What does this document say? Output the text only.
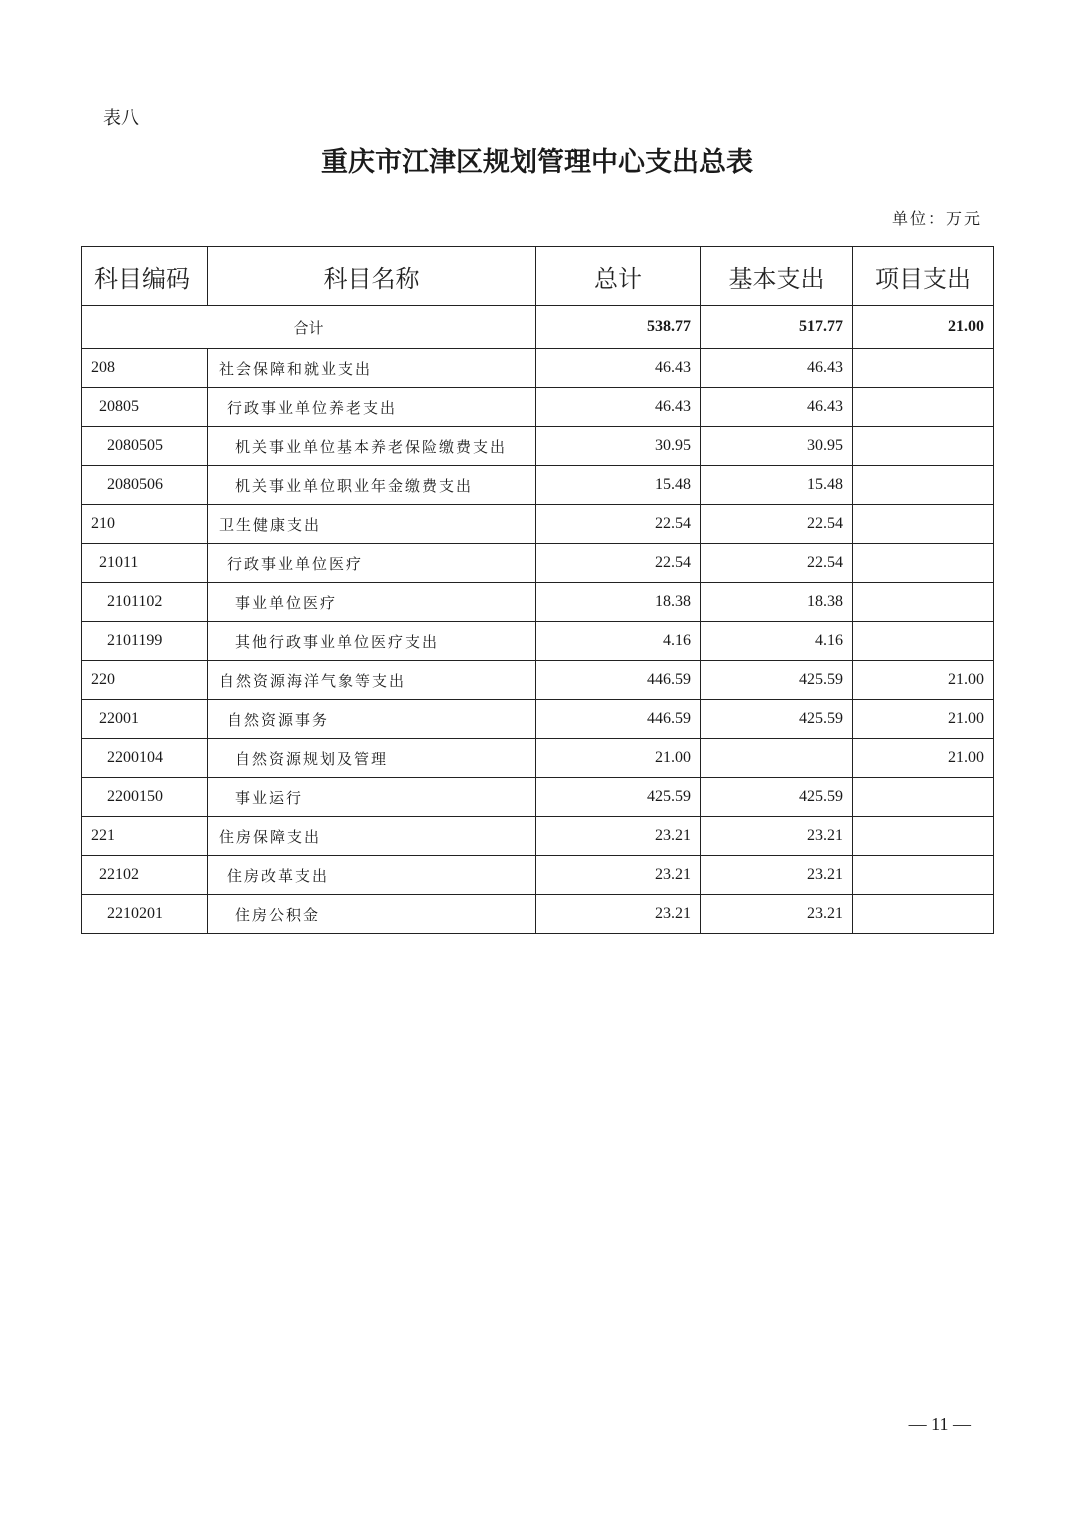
表八
重庆市江津区规划管理中心支出总表
单位：万元
科目编码	科目名称	总计	基本支出	项目支出
合计		538.77	517.77	21.00
208	社会保障和就业支出	46.43	46.43	
20805	行政事业单位养老支出	46.43	46.43	
2080505	机关事业单位基本养老保险缴费支出	30.95	30.95	
2080506	机关事业单位职业年金缴费支出	15.48	15.48	
210	卫生健康支出	22.54	22.54	
21011	行政事业单位医疗	22.54	22.54	
2101102	事业单位医疗	18.38	18.38	
2101199	其他行政事业单位医疗支出	4.16	4.16	
220	自然资源海洋气象等支出	446.59	425.59	21.00
22001	自然资源事务	446.59	425.59	21.00
2200104	自然资源规划及管理	21.00		21.00
2200150	事业运行	425.59	425.59	
221	住房保障支出	23.21	23.21	
22102	住房改革支出	23.21	23.21	
2210201	住房公积金	23.21	23.21	
— 11 —
